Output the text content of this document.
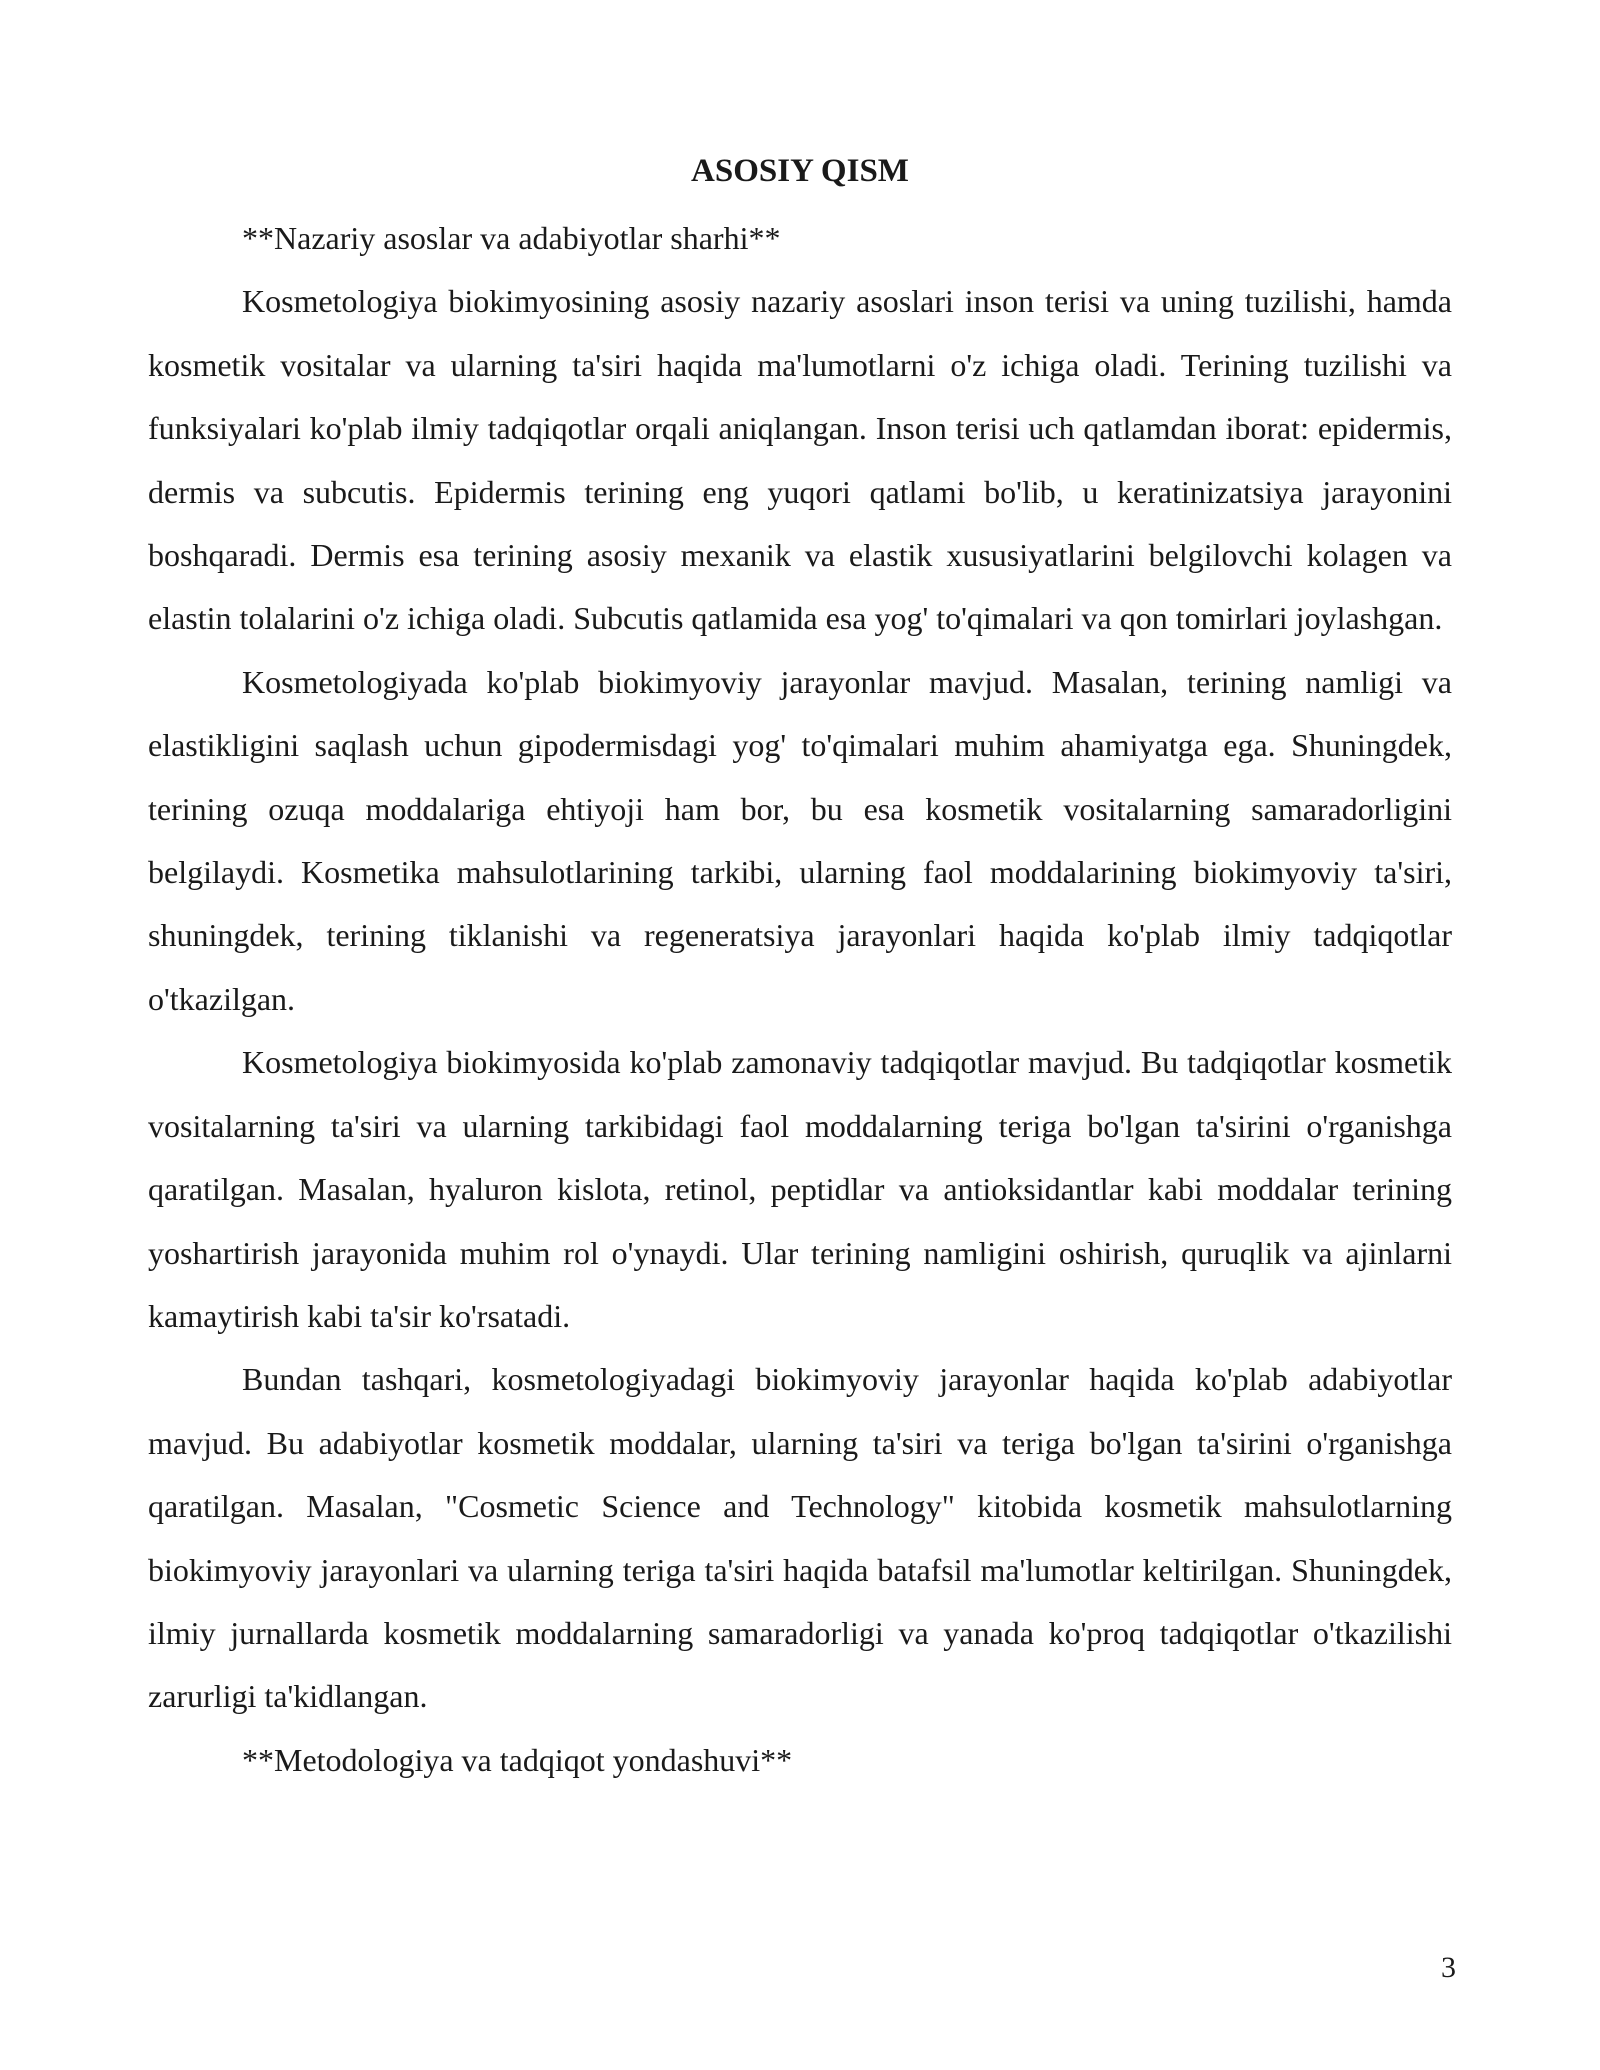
ASOSIY QISM

**Nazariy asoslar va adabiyotlar sharhi**

Kosmetologiya biokimyosining asosiy nazariy asoslari inson terisi va uning tuzilishi, hamda kosmetik vositalar va ularning ta'siri haqida ma'lumotlarni o'z ichiga oladi. Terining tuzilishi va funksiyalari ko'plab ilmiy tadqiqotlar orqali aniqlangan. Inson terisi uch qatlamdan iborat: epidermis, dermis va subcutis. Epidermis terining eng yuqori qatlami bo'lib, u keratinizatsiya jarayonini boshqaradi. Dermis esa terining asosiy mexanik va elastik xususiyatlarini belgilovchi kolagen va elastin tolalarini o'z ichiga oladi. Subcutis qatlamida esa yog' to'qimalari va qon tomirlari joylashgan.

Kosmetologiyada ko'plab biokimyoviy jarayonlar mavjud. Masalan, terining namligi va elastikligini saqlash uchun gipodermisdagi yog' to'qimalari muhim ahamiyatga ega. Shuningdek, terining ozuqa moddalariga ehtiyoji ham bor, bu esa kosmetik vositalarning samaradorligini belgilaydi. Kosmetika mahsulotlarining tarkibi, ularning faol moddalarining biokimyoviy ta'siri, shuningdek, terining tiklanishi va regeneratsiya jarayonlari haqida ko'plab ilmiy tadqiqotlar o'tkazilgan.

Kosmetologiya biokimyosida ko'plab zamonaviy tadqiqotlar mavjud. Bu tadqiqotlar kosmetik vositalarning ta'siri va ularning tarkibidagi faol moddalarning teriga bo'lgan ta'sirini o'rganishga qaratilgan. Masalan, hyaluron kislota, retinol, peptidlar va antioksidantlar kabi moddalar terining yoshartirish jarayonida muhim rol o'ynaydi. Ular terining namligini oshirish, quruqlik va ajinlarni kamaytirish kabi ta'sir ko'rsatadi.

Bundan tashqari, kosmetologiyadagi biokimyoviy jarayonlar haqida ko'plab adabiyotlar mavjud. Bu adabiyotlar kosmetik moddalar, ularning ta'siri va teriga bo'lgan ta'sirini o'rganishga qaratilgan. Masalan, "Cosmetic Science and Technology" kitobida kosmetik mahsulotlarning biokimyoviy jarayonlari va ularning teriga ta'siri haqida batafsil ma'lumotlar keltirilgan. Shuningdek, ilmiy jurnallarda kosmetik moddalarning samaradorligi va yanada ko'proq tadqiqotlar o'tkazilishi zarurligi ta'kidlangan.

**Metodologiya va tadqiqot yondashuvi**

3
